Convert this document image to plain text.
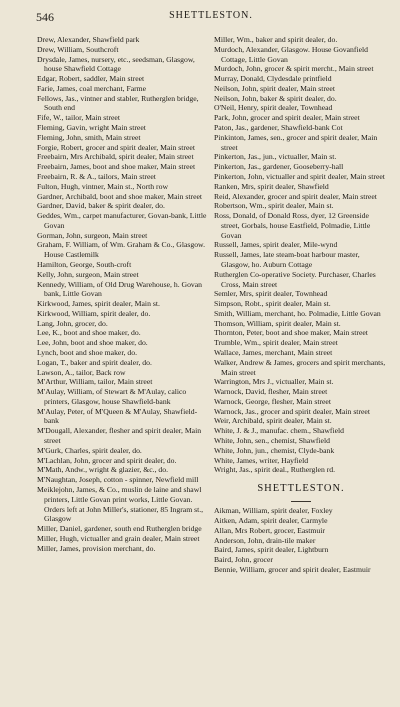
546	SHETTLESTON.

Drew, Alexander, Shawfield park

Drew, William, Southcroft

Drysdale, James, nursery, etc., seedsman, Glasgow, house Shawfield Cottage

Edgar, Robert, saddler, Main street

Farie, James, coal merchant, Farme

Fellows, Jas., vintner and stabler, Rutherglen bridge, South end

Fife, W., tailor, Main street

Fleming, Gavin, wright Main street

Fleming, John, smith, Main street

Forgie, Robert, grocer and spirit dealer, Main street

Freebairn, Mrs Archibald, spirit dealer, Main street

Freebairn, James, boot and shoe maker, Main street

Freebairn, R. & A., tailors, Main street

Fulton, Hugh, vintner, Main st., North row

Gardner, Archibald, boot and shoe maker, Main street

Gardner, David, baker & spirit dealer, do.

Geddes, Wm., carpet manufacturer, Govan-bank, Little Govan

Gorman, John, surgeon, Main street

Graham, F. William, of Wm. Graham & Co., Glasgow. House Castlemilk

Hamilton, George, South-croft

Kelly, John, surgeon, Main street

Kennedy, William, of Old Drug Warehouse, h. Govan bank, Little Govan

Kirkwood, James, spirit dealer, Main st.

Kirkwood, William, spirit dealer, do.

Lang, John, grocer, do.

Lee, K., boot and shoe maker, do.

Lee, John, boot and shoe maker, do.

Lynch, boot and shoe maker, do.

Logan, T., baker and spirit dealer, do.

Lawson, A., tailor, Back row

M'Arthur, William, tailor, Main street

M'Aulay, William, of Stewart & M'Aulay, calico printers, Glasgow, house Shawfield-bank

M'Aulay, Peter, of M'Queen & M'Aulay, Shawfield-bank

M'Dougall, Alexander, flesher and spirit dealer, Main street

M'Gurk, Charles, spirit dealer, do.

M'Lachlan, John, grocer and spirit dealer, do.

M'Math, Andw., wright & glazier, &c., do.

M'Naughtan, Joseph, cotton - spinner, Newfield mill

Meiklejohn, James, & Co., muslin de laine and shawl printers, Little Govan print works, Little Govan. Orders left at John Miller's, stationer, 85 Ingram st., Glasgow

Miller, Daniel, gardener, south end Rutherglen bridge

Miller, Hugh, victualler and grain dealer, Main street

Miller, James, provision merchant, do.

Miller, Wm., baker and spirit dealer, do.

Murdoch, Alexander, Glasgow. House Govanfield Cottage, Little Govan

Murdoch, John, grocer & spirit mercht., Main street

Murray, Donald, Clydesdale printfield

Neilson, John, spirit dealer, Main street

Neilson, John, baker & spirit dealer, do.

O'Neil, Henry, spirit dealer, Townhead

Park, John, grocer and spirit dealer, Main street

Paton, Jas., gardener, Shawfield-bank Cot

Pinkinton, James, sen., grocer and spirit dealer, Main street

Pinkerton, Jas., jun., victualler, Main st.

Pinkerton, Jas., gardener, Gooseberry-hall

Pinkerton, John, victualler and spirit dealer, Main street

Ranken, Mrs, spirit dealer, Shawfield

Reid, Alexander, grocer and spirit dealer, Main street

Robertson, Wm., spirit dealer, Main st.

Ross, Donald, of Donald Ross, dyer, 12 Greenside street, Gorbals, house Eastfield, Polmadie, Little Govan

Russell, James, spirit dealer, Mile-wynd

Russell, James, late steam-boat harbour master, Glasgow, ho. Auburn Cottage

Rutherglen Co-operative Society. Purchaser, Charles Cross, Main street

Semler, Mrs, spirit dealer, Townhead

Simpson, Robt., spirit dealer, Main st.

Smith, William, merchant, ho. Polmadie, Little Govan

Thomson, William, spirit dealer, Main st.

Thornton, Peter, boot and shoe maker, Main street

Trumble, Wm., spirit dealer, Main street

Wallace, James, merchant, Main street

Walker, Andrew & James, grocers and spirit merchants, Main street

Warrington, Mrs J., victualler, Main st.

Warnock, David, flesher, Main street

Warnock, George, flesher, Main street

Warnock, Jas., grocer and spirit dealer, Main street

Weir, Archibald, spirit dealer, Main st.

White, J. & J., manufac. chem., Shawfield

White, John, sen., chemist, Shawfield

White, John, jun., chemist, Clyde-bank

White, James, writer, Hayfield

Wright, Jas., spirit deal., Rutherglen rd.

SHETTLESTON.

Aikman, William, spirit dealer, Foxley

Aitken, Adam, spirit dealer, Carmyle

Allan, Mrs Robert, grocer, Eastmuir

Anderson, John, drain-tile maker

Baird, James, spirit dealer, Lightburn

Baird, John, grocer

Bennie, William, grocer and spirit dealer, Eastmuir
